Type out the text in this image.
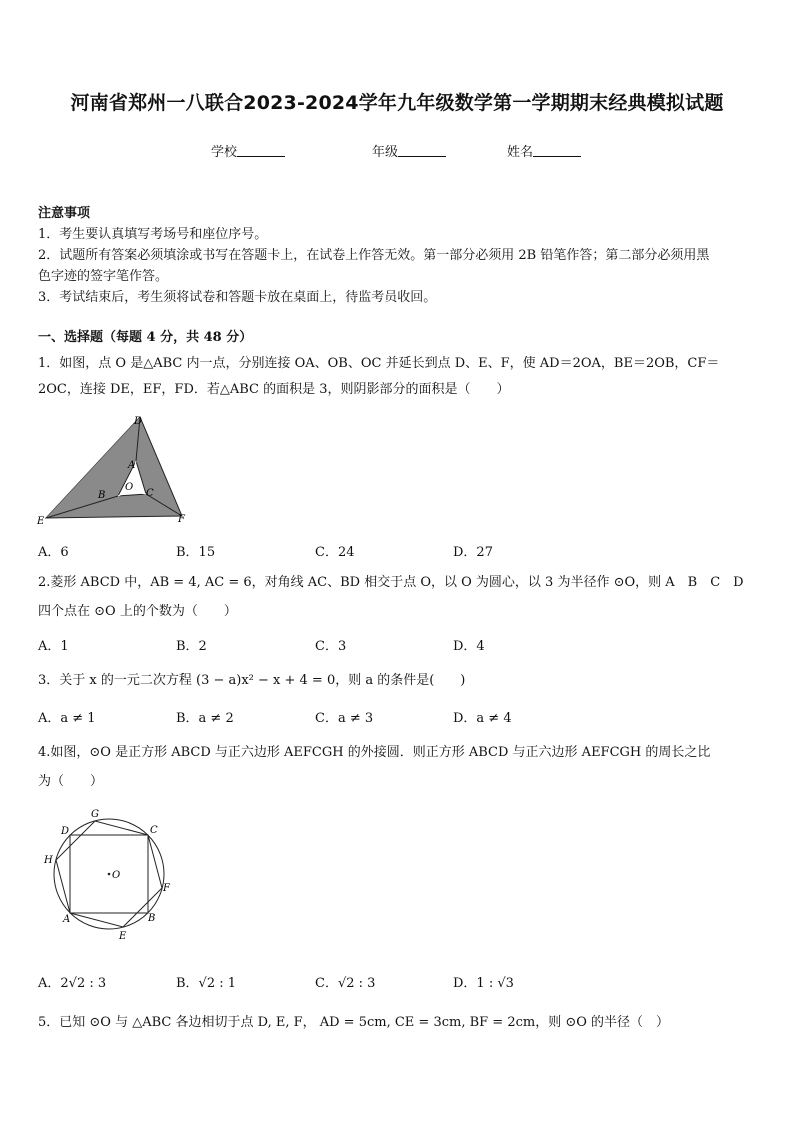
河南省郑州一八联合2023-2024学年九年级数学第一学期期末经典模拟试题
学校	年级	姓名
注意事项
1．考生要认真填写考场号和座位序号。
2．试题所有答案必须填涂或书写在答题卡上，在试卷上作答无效。第一部分必须用 2B 铅笔作答；第二部分必须用黑
色字迹的签字笔作答。
3．考试结束后，考生须将试卷和答题卡放在桌面上，待监考员收回。
一、选择题（每题 4 分，共 48 分）
1．如图，点 O 是△ABC 内一点，分别连接 OA、OB、OC 并延长到点 D、E、F，使 AD＝2OA，BE＝2OB，CF＝
2OC，连接 DE，EF，FD．若△ABC 的面积是 3，则阴影部分的面积是（　　）
D
A
O
B	C
E	F
A．6	B．15	C．24	D．27
2.菱形 ABCD 中，AB = 4, AC = 6，对角线 AC、BD 相交于点 O，以 O 为圆心，以 3 为半径作 ⊙O，则 A　B　C　D
四个点在 ⊙O 上的个数为（　　）
A．1	B．2	C．3	D．4
3．关于 x 的一元二次方程 (3 − a)x² − x + 4 = 0，则 a 的条件是(　　)
A．a ≠ 1	B．a ≠ 2	C．a ≠ 3	D．a ≠ 4
4.如图，⊙O 是正方形 ABCD 与正六边形 AEFCGH 的外接圆．则正方形 ABCD 与正六边形 AEFCGH 的周长之比
为（　　）
G
D	C
H
O
F
A	B
E
A．2√2 : 3	B．√2 : 1	C．√2 : 3	D．1 : √3
5．已知 ⊙O 与 △ABC 各边相切于点 D, E, F， AD = 5cm, CE = 3cm, BF = 2cm，则 ⊙O 的半径（　）
